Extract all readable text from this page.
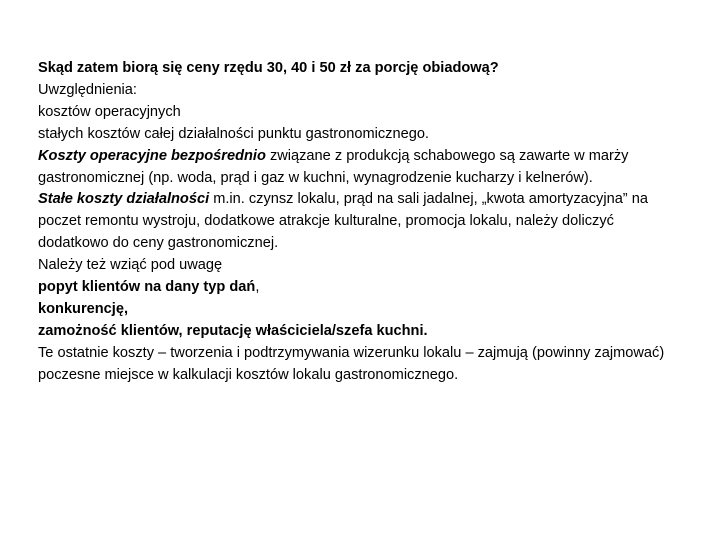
Skąd zatem biorą się ceny rzędu 30, 40 i 50 zł za porcję obiadową?
Uwzględnienia:
kosztów operacyjnych
stałych kosztów całej działalności punktu gastronomicznego.
Koszty operacyjne bezpośrednio związane z produkcją schabowego są zawarte w marży gastronomicznej (np. woda, prąd i gaz w kuchni, wynagrodzenie kucharzy i kelnerów).
Stałe koszty działalności m.in. czynsz lokalu, prąd na sali jadalnej, „kwota amortyzacyjna” na poczet remontu wystroju, dodatkowe atrakcje kulturalne, promocja lokalu, należy doliczyć dodatkowo do ceny gastronomicznej.
Należy też wziąć pod uwagę
popyt klientów na dany typ dań,
konkurencję,
zamożność klientów, reputację właściciela/szefa kuchni.
Te ostatnie koszty – tworzenia i podtrzymywania wizerunku lokalu – zajmują (powinny zajmować) poczesne miejsce w kalkulacji kosztów lokalu gastronomicznego.
